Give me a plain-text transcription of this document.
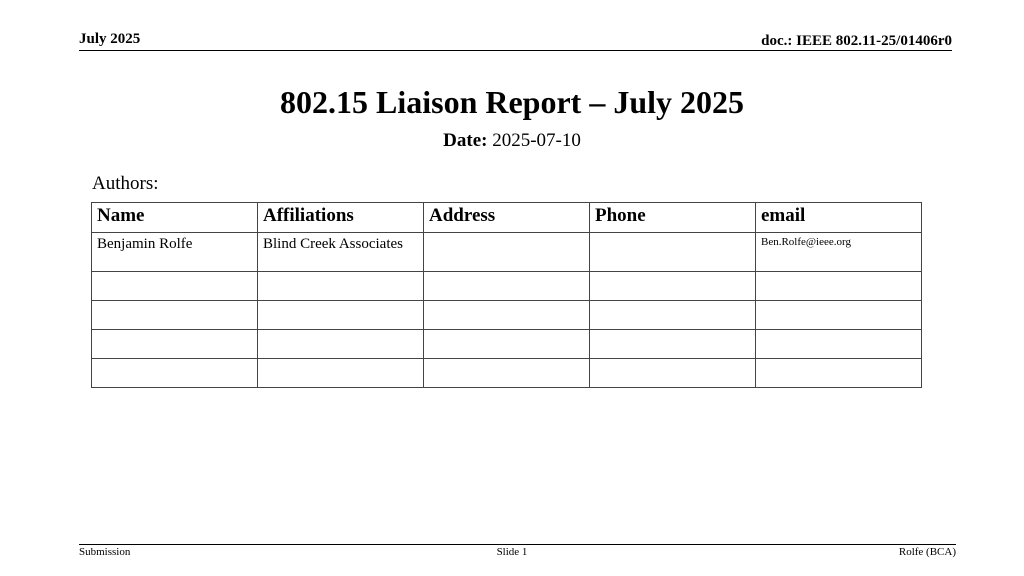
July 2025	doc.: IEEE 802.11-25/01406r0
802.15 Liaison Report – July 2025
Date: 2025-07-10
Authors:
Name	Affiliations	Address	Phone	email
Benjamin Rolfe	Blind Creek Associates			Ben.Rolfe@ieee.org

Submission	Slide 1	Rolfe (BCA)
